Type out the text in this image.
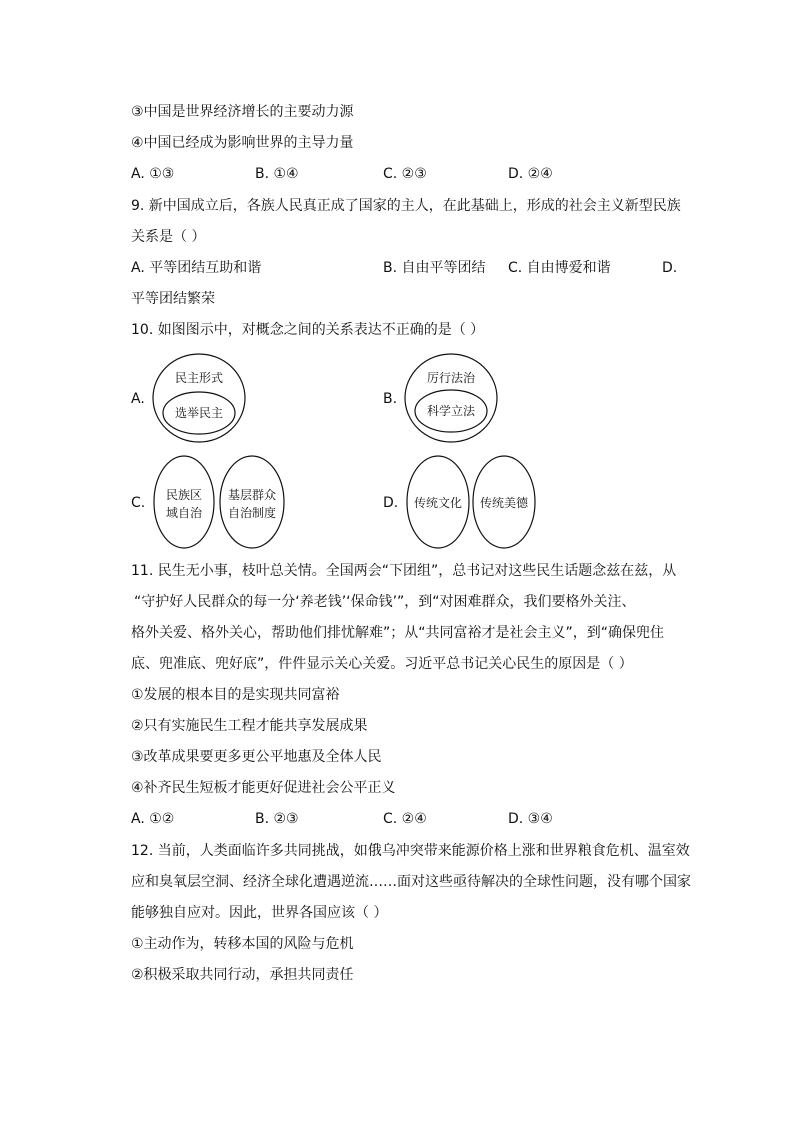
③中国是世界经济增长的主要动力源
④中国已经成为影响世界的主导力量
A. ①③	B. ①④	C. ②③	D. ②④
9. 新中国成立后，各族人民真正成了国家的主人，在此基础上，形成的社会主义新型民族
关系是（ ）
A. 平等团结互助和谐	B. 自由平等团结 C. 自由博爱和谐	D.
平等团结繁荣
10. 如图图示中，对概念之间的关系表达不正确的是（ ）
A.
民主形式
选举民主
B.
厉行法治
科学立法
C. 民族区
域自治
基层群众
自治制度
D. 传统文化 传统美德
11. 民生无小事，枝叶总关情。全国两会“下团组”，总书记对这些民生话题念兹在兹，从
“守护好人民群众的每一分‘养老钱’‘保命钱’”，到“对困难群众，我们要格外关注、
格外关爱、格外关心，帮助他们排忧解难”；从“共同富裕才是社会主义”，到“确保兜住
底、兜准底、兜好底”，件件显示关心关爱。习近平总书记关心民生的原因是（ ）
①发展的根本目的是实现共同富裕
②只有实施民生工程才能共享发展成果
③改革成果要更多更公平地惠及全体人民
④补齐民生短板才能更好促进社会公平正义
A. ①②	B. ②③	C. ②④	D. ③④
12. 当前，人类面临许多共同挑战，如俄乌冲突带来能源价格上涨和世界粮食危机、温室效
应和臭氧层空洞、经济全球化遭遇逆流……面对这些亟待解决的全球性问题，没有哪个国家
能够独自应对。因此，世界各国应该（ ）
①主动作为，转移本国的风险与危机
②积极采取共同行动，承担共同责任
